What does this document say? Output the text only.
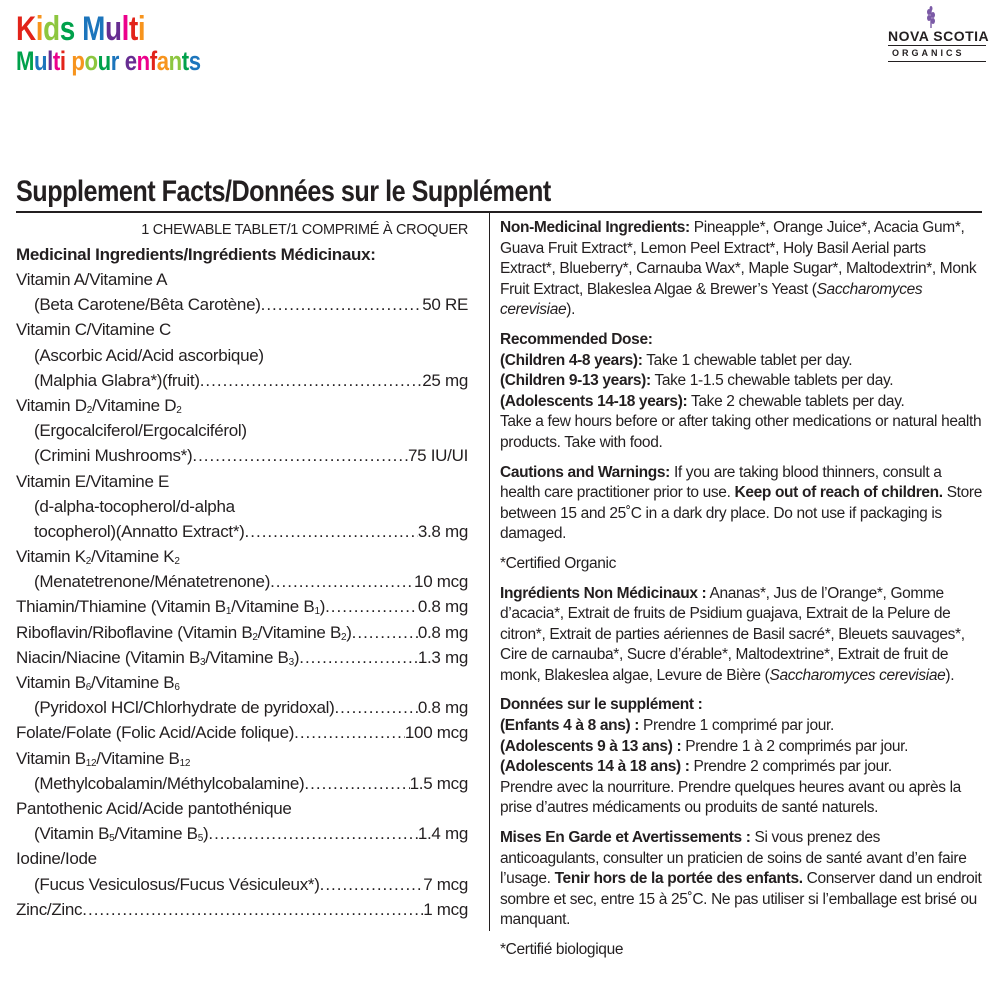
Kids Multi
Multi pour enfants
NOVA SCOTIA
ORGANICS
Supplement Facts/Données sur le Supplément
1 CHEWABLE TABLET/1 COMPRIMÉ À CROQUER
Medicinal Ingredients/Ingrédients Médicinaux:
Vitamin A/Vitamine A
(Beta Carotene/Bêta Carotène) .....	50 RE
Vitamin C/Vitamine C
(Ascorbic Acid/Acid ascorbique)
(Malphia Glabra*)(fruit) .....	25 mg
Vitamin $D_2$/Vitamine $D_2$
(Ergocalciferol/Ergocalciférol)
(Crimini Mushrooms*) .....	75 IU/UI
Vitamin E/Vitamine E
(d-alpha-tocopherol/d-alpha
tocopherol)(Annatto Extract*) .....	3.8 mg
Vitamin $K_2$/Vitamine $K_2$
(Menatetrenone/Ménatetrenone) .....	10 mcg
Thiamin/Thiamine (Vitamin $B_1$/Vitamine $B_1$) .....	0.8 mg
Riboflavin/Riboflavine (Vitamin $B_2$/Vitamine $B_2$) .....	0.8 mg
Niacin/Niacine (Vitamin $B_3$/Vitamine $B_3$) .....	1.3 mg
Vitamin $B_6$/Vitamine $B_6$
(Pyridoxol HCl/Chlorhydrate de pyridoxal) .....	0.8 mg
Folate/Folate (Folic Acid/Acide folique) .....	100 mcg
Vitamin $B_{12}$/Vitamine $B_{12}$
(Methylcobalamin/Méthylcobalamine) .....	1.5 mcg
Pantothenic Acid/Acide pantothénique
(Vitamin $B_5$/Vitamine $B_5$) .....	1.4 mg
Iodine/Iode
(Fucus Vesiculosus/Fucus Vésiculeux*) .....	7 mcg
Zinc/Zinc .....	1 mcg

Non-Medicinal Ingredients: Pineapple*, Orange Juice*, Acacia Gum*, Guava Fruit Extract*, Lemon Peel Extract*, Holy Basil Aerial parts Extract*, Blueberry*, Carnauba Wax*, Maple Sugar*, Maltodextrin*, Monk Fruit Extract, Blakeslea Algae & Brewer’s Yeast (Saccharomyces cerevisiae).

Recommended Dose:
(Children 4-8 years): Take 1 chewable tablet per day.
(Children 9-13 years): Take 1-1.5 chewable tablets per day.
(Adolescents 14-18 years): Take 2 chewable tablets per day.
Take a few hours before or after taking other medications or natural health products. Take with food.

Cautions and Warnings: If you are taking blood thinners, consult a health care practitioner prior to use. Keep out of reach of children. Store between 15 and 25˚C in a dark dry place. Do not use if packaging is damaged.

*Certified Organic

Ingrédients Non Médicinaux : Ananas*, Jus de l’Orange*, Gomme d’acacia*, Extrait de fruits de Psidium guajava, Extrait de la Pelure de citron*, Extrait de parties aériennes de Basil sacré*, Bleuets sauvages*, Cire de carnauba*, Sucre d’érable*, Maltodextrine*, Extrait de fruit de monk, Blakeslea algae, Levure de Bière (Saccharomyces cerevisiae).

Données sur le supplément :
(Enfants 4 à 8 ans) : Prendre 1 comprimé par jour.
(Adolescents 9 à 13 ans) : Prendre 1 à 2 comprimés par jour.
(Adolescents 14 à 18 ans) : Prendre 2 comprimés par jour.
Prendre avec la nourriture. Prendre quelques heures avant ou après la prise d’autres médicaments ou produits de santé naturels.

Mises En Garde et Avertissements : Si vous prenez des anticoagulants, consulter un praticien de soins de santé avant d’en faire l’usage. Tenir hors de la portée des enfants. Conserver dand un endroit sombre et sec, entre 15 à 25˚C. Ne pas utiliser si l’emballage est brisé ou manquant.

*Certifié biologique
